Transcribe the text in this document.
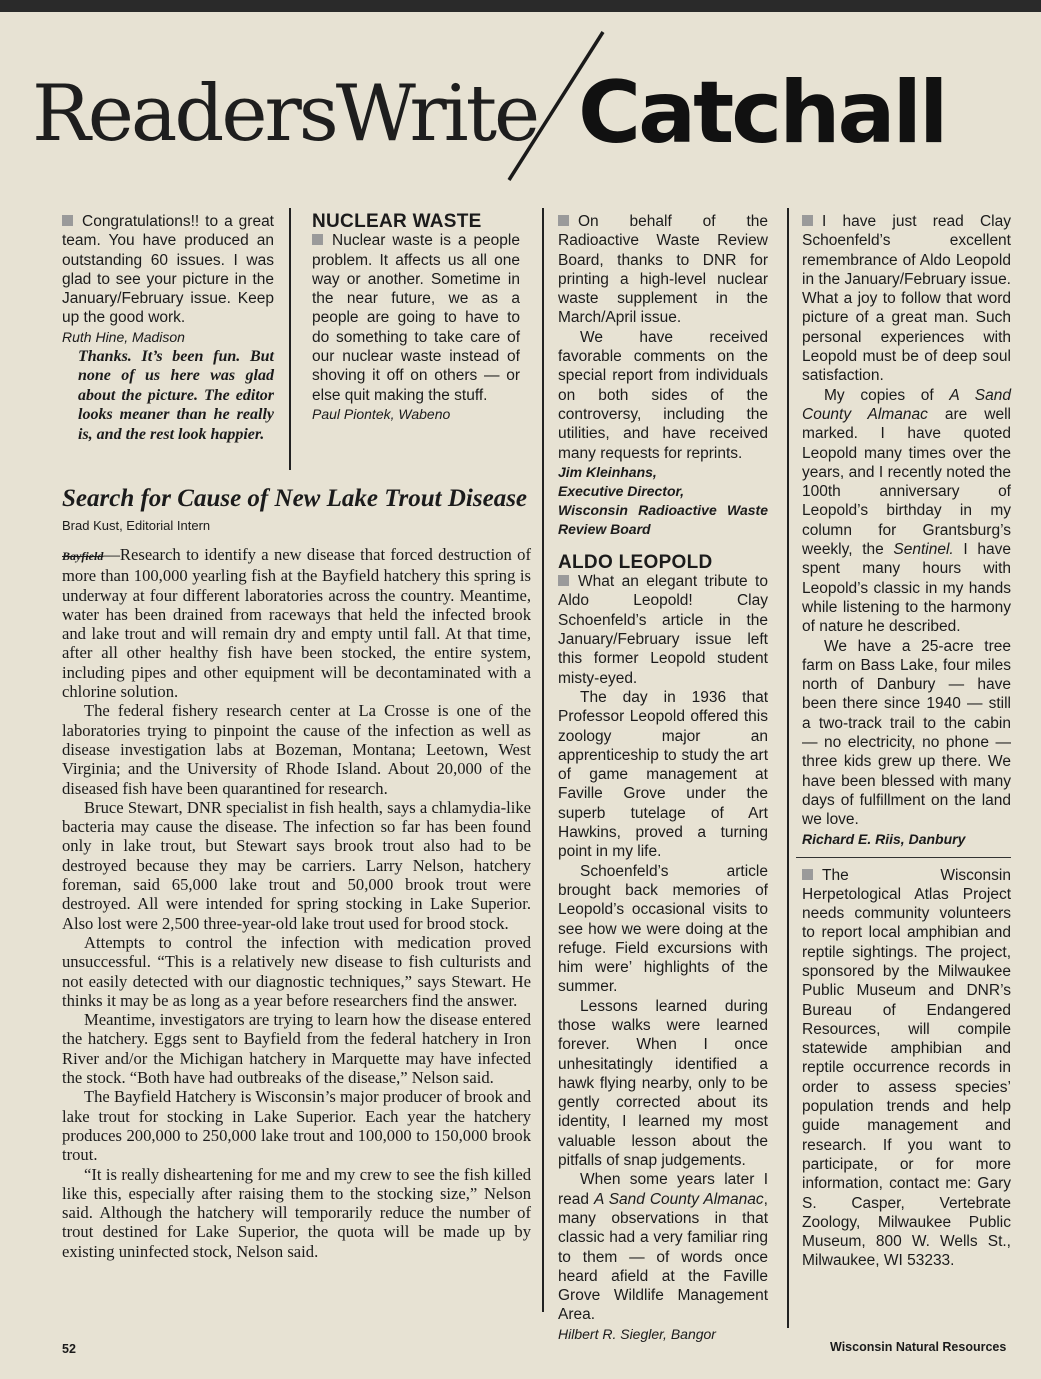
ReadersWrite Catchall

Congratulations!! to a great team. You have produced an outstanding 60 issues. I was glad to see your picture in the January/February issue. Keep up the good work.

Ruth Hine, Madison

Thanks. It’s been fun. But none of us here was glad about the picture. The editor looks meaner than he really is, and the rest look happier.

NUCLEAR WASTE

Nuclear waste is a people problem. It affects us all one way or another. Sometime in the near future, we as a people are going to have to do something to take care of our nuclear waste instead of shoving it off on others — or else quit making the stuff.

Paul Piontek, Wabeno

Search for Cause of New Lake Trout Disease
Brad Kust, Editorial Intern

Bayfield—Research to identify a new disease that forced destruction of more than 100,000 yearling fish at the Bayfield hatchery this spring is underway at four different laboratories across the country. Meantime, water has been drained from raceways that held the infected brook and lake trout and will remain dry and empty until fall. At that time, after all other healthy fish have been stocked, the entire system, including pipes and other equipment will be decontaminated with a chlorine solution.

The federal fishery research center at La Crosse is one of the laboratories trying to pinpoint the cause of the infection as well as disease investigation labs at Bozeman, Montana; Leetown, West Virginia; and the University of Rhode Island. About 20,000 of the diseased fish have been quarantined for research.

Bruce Stewart, DNR specialist in fish health, says a chlamydia-like bacteria may cause the disease. The infection so far has been found only in lake trout, but Stewart says brook trout also had to be destroyed because they may be carriers. Larry Nelson, hatchery foreman, said 65,000 lake trout and 50,000 brook trout were destroyed. All were intended for spring stocking in Lake Superior. Also lost were 2,500 three-year-old lake trout used for brood stock.

Attempts to control the infection with medication proved unsuccessful. “This is a relatively new disease to fish culturists and not easily detected with our diagnostic techniques,” says Stewart. He thinks it may be as long as a year before researchers find the answer.

Meantime, investigators are trying to learn how the disease entered the hatchery. Eggs sent to Bayfield from the federal hatchery in Iron River and/or the Michigan hatchery in Marquette may have infected the stock. “Both have had outbreaks of the disease,” Nelson said.

The Bayfield Hatchery is Wisconsin’s major producer of brook and lake trout for stocking in Lake Superior. Each year the hatchery produces 200,000 to 250,000 lake trout and 100,000 to 150,000 brook trout.

“It is really disheartening for me and my crew to see the fish killed like this, especially after raising them to the stocking size,” Nelson said. Although the hatchery will temporarily reduce the number of trout destined for Lake Superior, the quota will be made up by existing uninfected stock, Nelson said.

On behalf of the Radioactive Waste Review Board, thanks to DNR for printing a high-level nuclear waste supplement in the March/April issue.

We have received favorable comments on the special report from individuals on both sides of the controversy, including the utilities, and have received many requests for reprints.

Jim Kleinhans,

Executive Director,

Wisconsin Radioactive Waste Review Board

ALDO LEOPOLD

What an elegant tribute to Aldo Leopold! Clay Schoenfeld’s article in the January/February issue left this former Leopold student misty-eyed.

The day in 1936 that Professor Leopold offered this zoology major an apprenticeship to study the art of game management at Faville Grove under the superb tutelage of Art Hawkins, proved a turning point in my life.

Schoenfeld’s article brought back memories of Leopold’s occasional visits to see how we were doing at the refuge. Field excursions with him were’ highlights of the summer.

Lessons learned during those walks were learned forever. When I once unhesitatingly identified a hawk flying nearby, only to be gently corrected about its identity, I learned my most valuable lesson about the pitfalls of snap judgements.

When some years later I read A Sand County Almanac, many observations in that classic had a very familiar ring to them — of words once heard afield at the Faville Grove Wildlife Management Area.

Hilbert R. Siegler, Bangor

I have just read Clay Schoenfeld’s excellent remembrance of Aldo Leopold in the January/February issue. What a joy to follow that word picture of a great man. Such personal experiences with Leopold must be of deep soul satisfaction.

My copies of A Sand County Almanac are well marked. I have quoted Leopold many times over the years, and I recently noted the 100th anniversary of Leopold’s birthday in my column for Grantsburg’s weekly, the Sentinel. I have spent many hours with Leopold’s classic in my hands while listening to the harmony of nature he described.

We have a 25-acre tree farm on Bass Lake, four miles north of Danbury — have been there since 1940 — still a two-track trail to the cabin — no electricity, no phone — three kids grew up there. We have been blessed with many days of fulfillment on the land we love.

Richard E. Riis, Danbury

The Wisconsin Herpetological Atlas Project needs community volunteers to report local amphibian and reptile sightings. The project, sponsored by the Milwaukee Public Museum and DNR’s Bureau of Endangered Resources, will compile statewide amphibian and reptile occurrence records in order to assess species’ population trends and help guide management and research. If you want to participate, or for more information, contact me: Gary S. Casper, Vertebrate Zoology, Milwaukee Public Museum, 800 W. Wells St., Milwaukee, WI 53233.

52	Wisconsin Natural Resources
